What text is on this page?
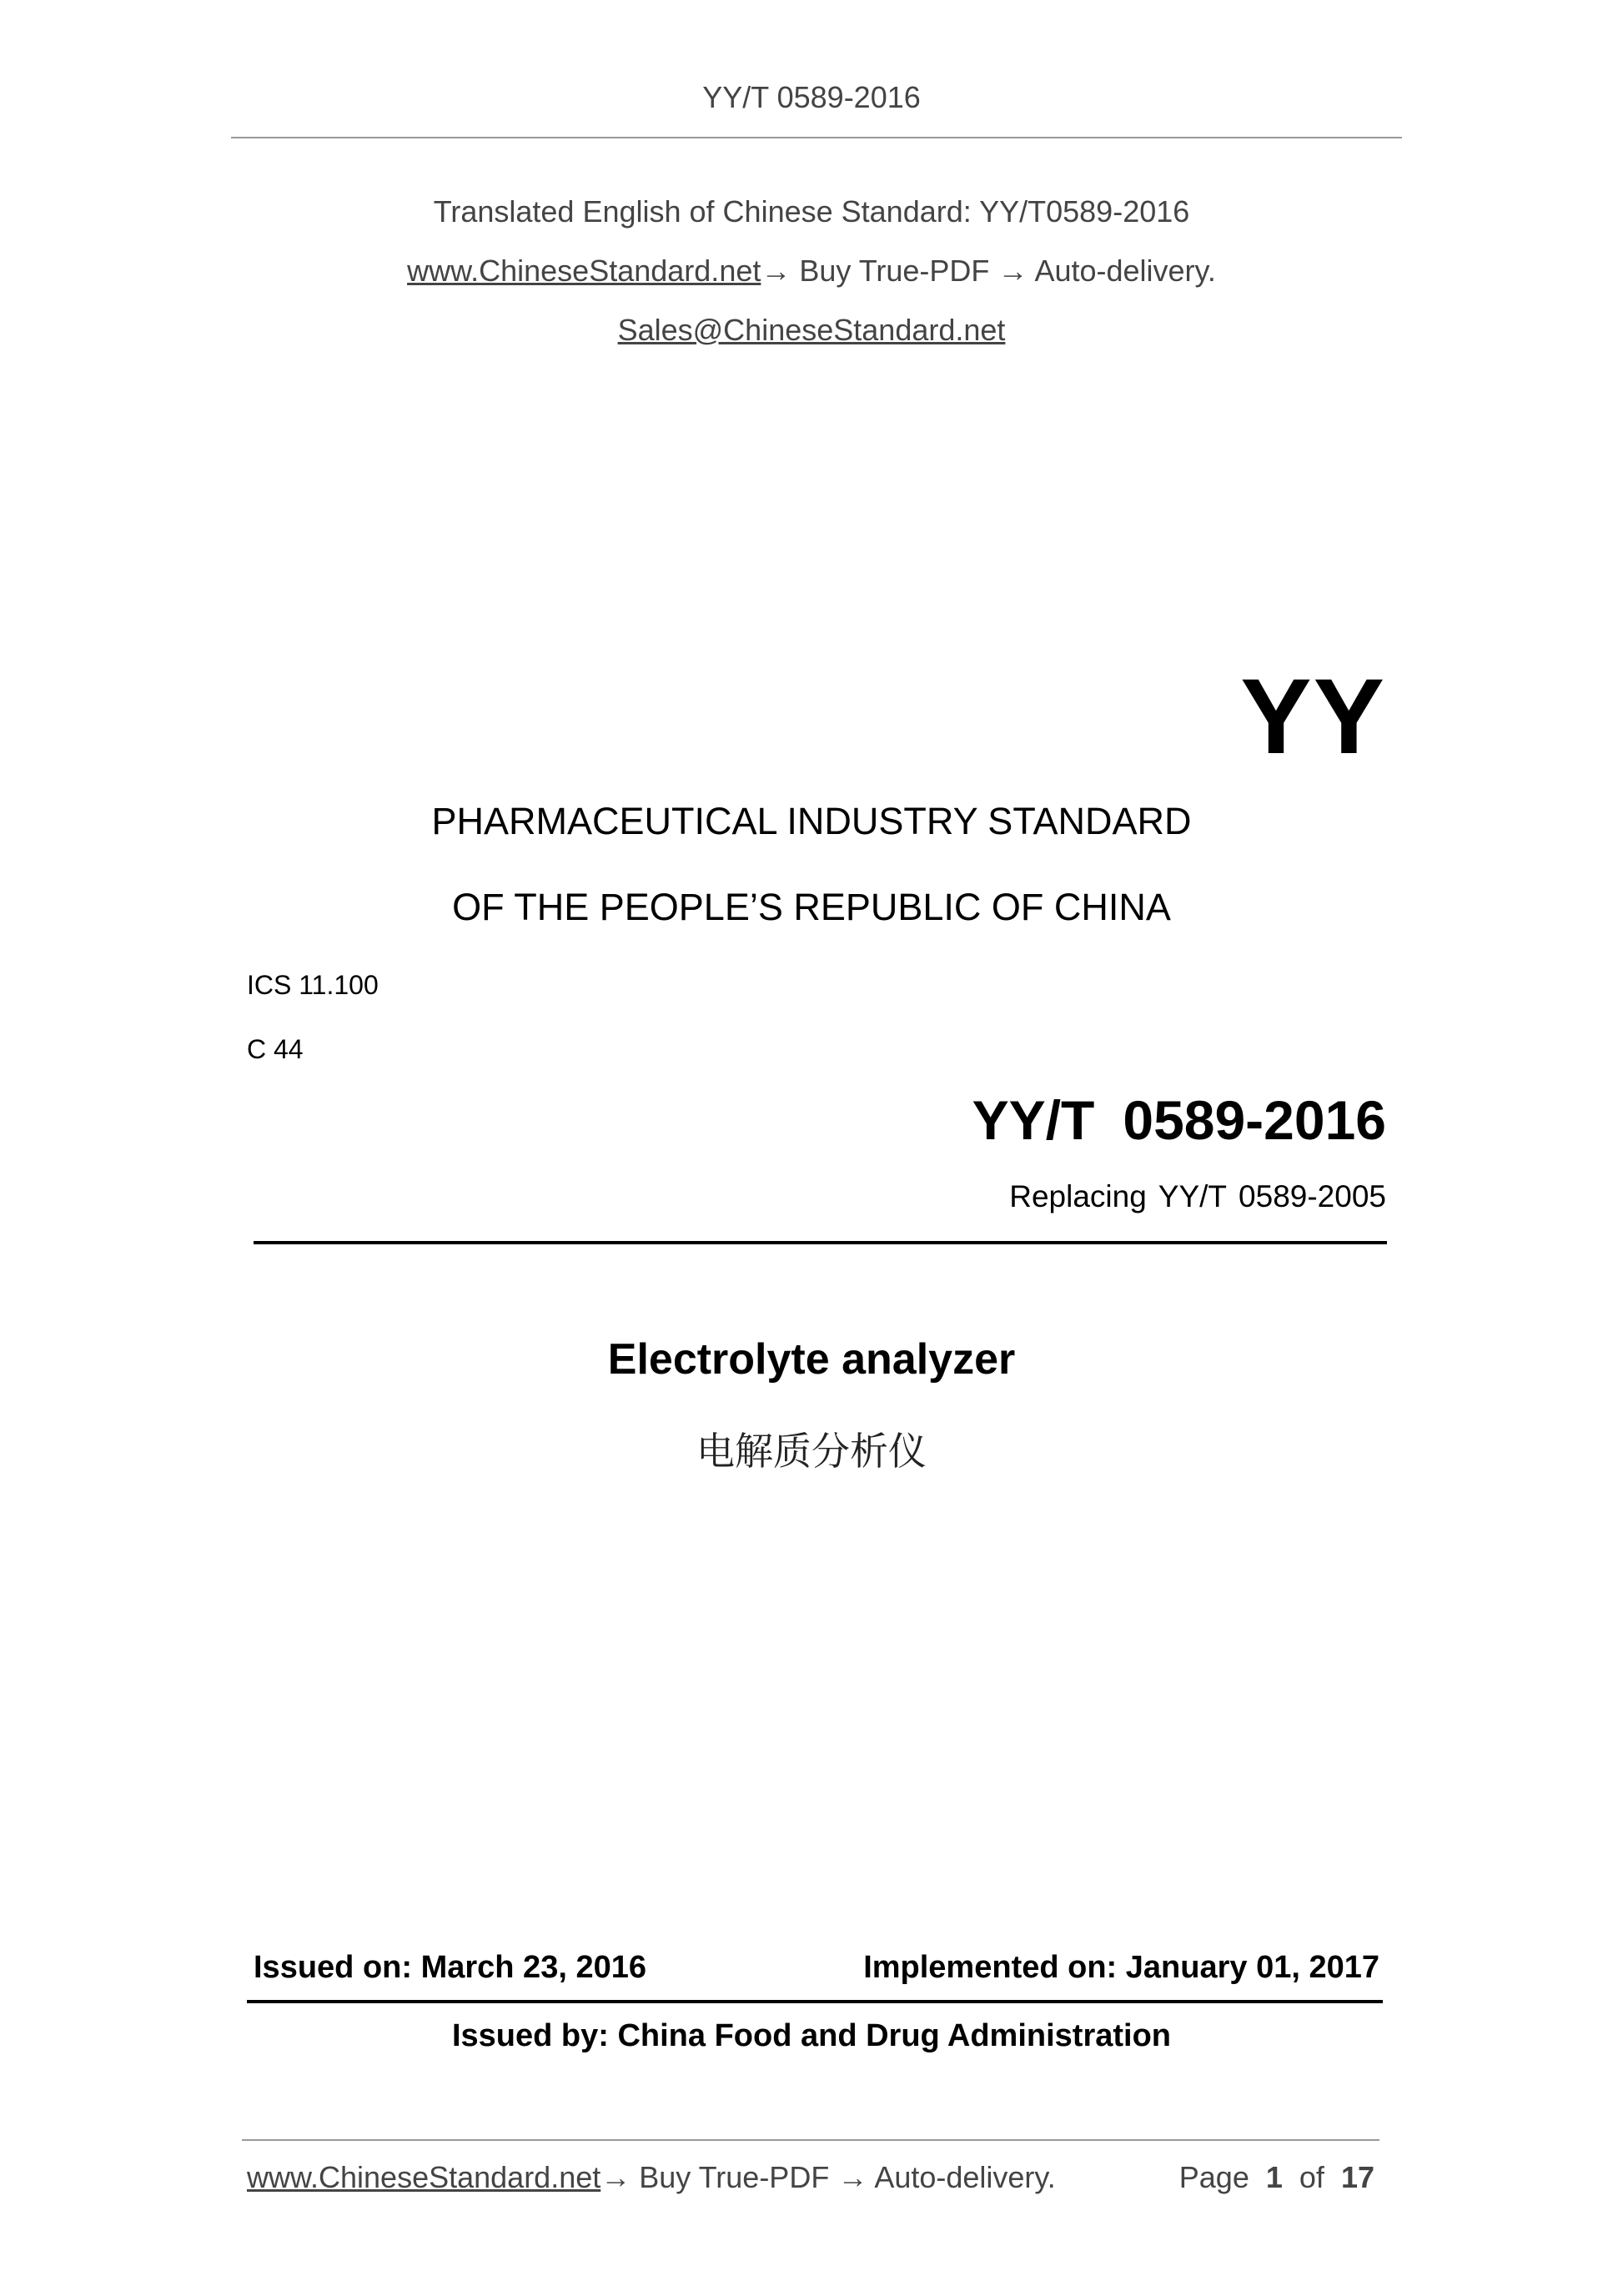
YY/T 0589-2016
Translated English of Chinese Standard: YY/T0589-2016
www.ChineseStandard.net→ Buy True-PDF → Auto-delivery.
Sales@ChineseStandard.net
YY
PHARMACEUTICAL INDUSTRY STANDARD
OF THE PEOPLE’S REPUBLIC OF CHINA
ICS 11.100
C 44
YY/T 0589-2016
Replacing YY/T 0589-2005
Electrolyte analyzer
电解质分析仪
Issued on: March 23, 2016	Implemented on: January 01, 2017
Issued by: China Food and Drug Administration
www.ChineseStandard.net→ Buy True-PDF → Auto-delivery.	Page 1 of 17
